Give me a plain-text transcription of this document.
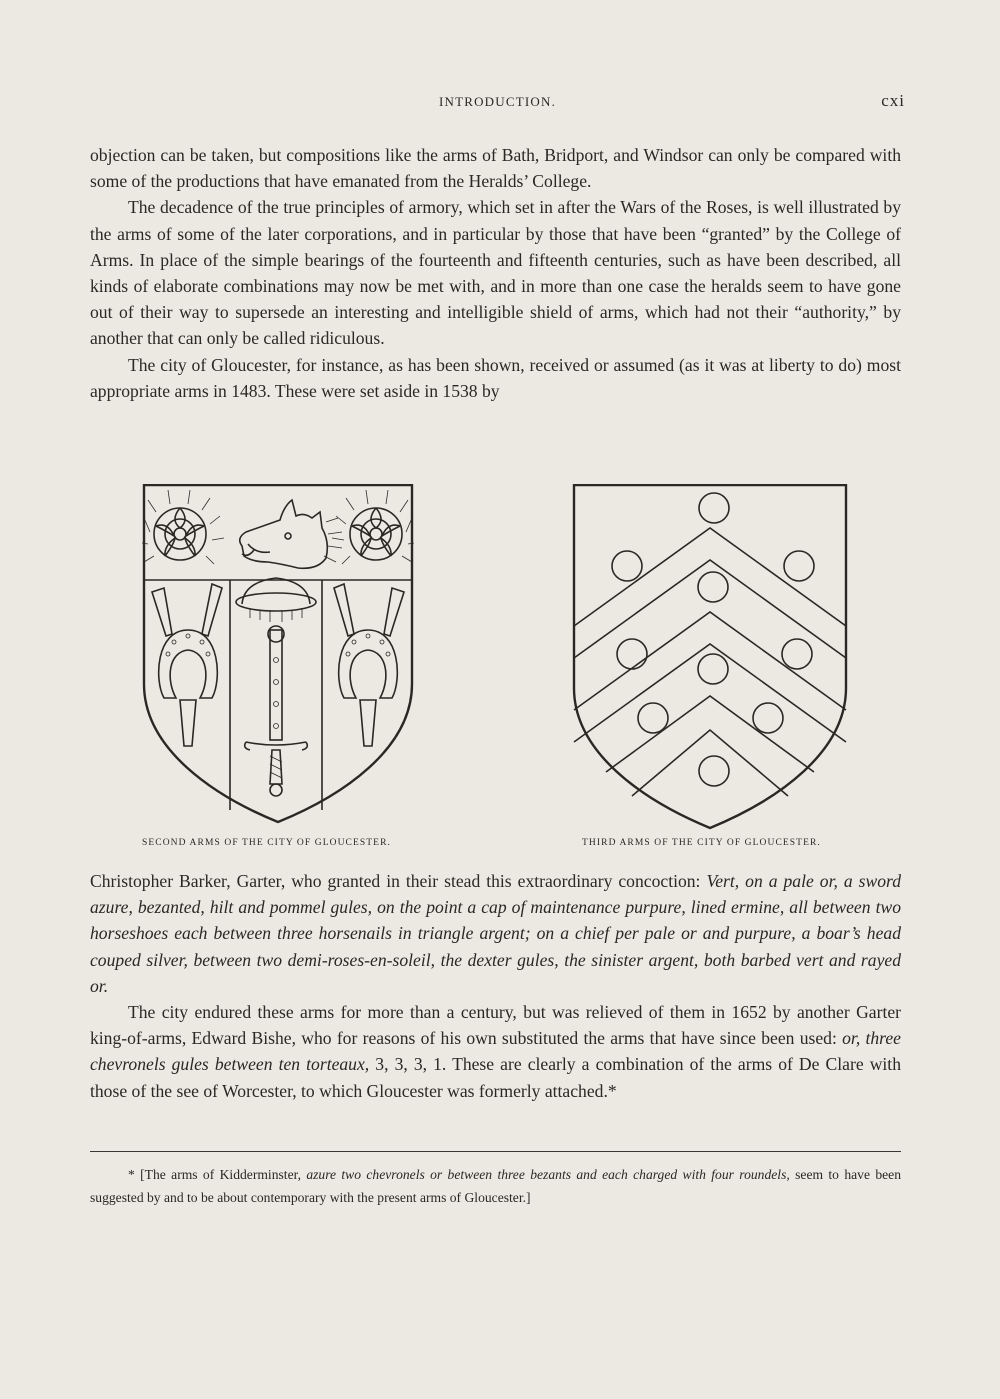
INTRODUCTION.	cxi

objection can be taken, but compositions like the arms of Bath, Bridport, and Windsor can only be compared with some of the productions that have emanated from the Heralds’ College.

The decadence of the true principles of armory, which set in after the Wars of the Roses, is well illustrated by the arms of some of the later corporations, and in particular by those that have been “granted” by the College of Arms. In place of the simple bearings of the fourteenth and fifteenth centuries, such as have been described, all kinds of elaborate combinations may now be met with, and in more than one case the heralds seem to have gone out of their way to supersede an interesting and intelligible shield of arms, which had not their “authority,” by another that can only be called ridiculous.

The city of Gloucester, for instance, as has been shown, received or assumed (as it was at liberty to do) most appropriate arms in 1483. These were set aside in 1538 by

SECOND ARMS OF THE CITY OF GLOUCESTER.	THIRD ARMS OF THE CITY OF GLOUCESTER.

Christopher Barker, Garter, who granted in their stead this extraordinary concoction: Vert, on a pale or, a sword azure, bezanted, hilt and pommel gules, on the point a cap of maintenance purpure, lined ermine, all between two horseshoes each between three horsenails in triangle argent; on a chief per pale or and purpure, a boar’s head couped silver, between two demi-roses-en-soleil, the dexter gules, the sinister argent, both barbed vert and rayed or.

The city endured these arms for more than a century, but was relieved of them in 1652 by another Garter king-of-arms, Edward Bishe, who for reasons of his own substituted the arms that have since been used: or, three chevronels gules between ten torteaux, 3, 3, 3, 1. These are clearly a combination of the arms of De Clare with those of the see of Worcester, to which Gloucester was formerly attached.*

* [The arms of Kidderminster, azure two chevronels or between three bezants and each charged with four roundels, seem to have been suggested by and to be about contemporary with the present arms of Gloucester.]
